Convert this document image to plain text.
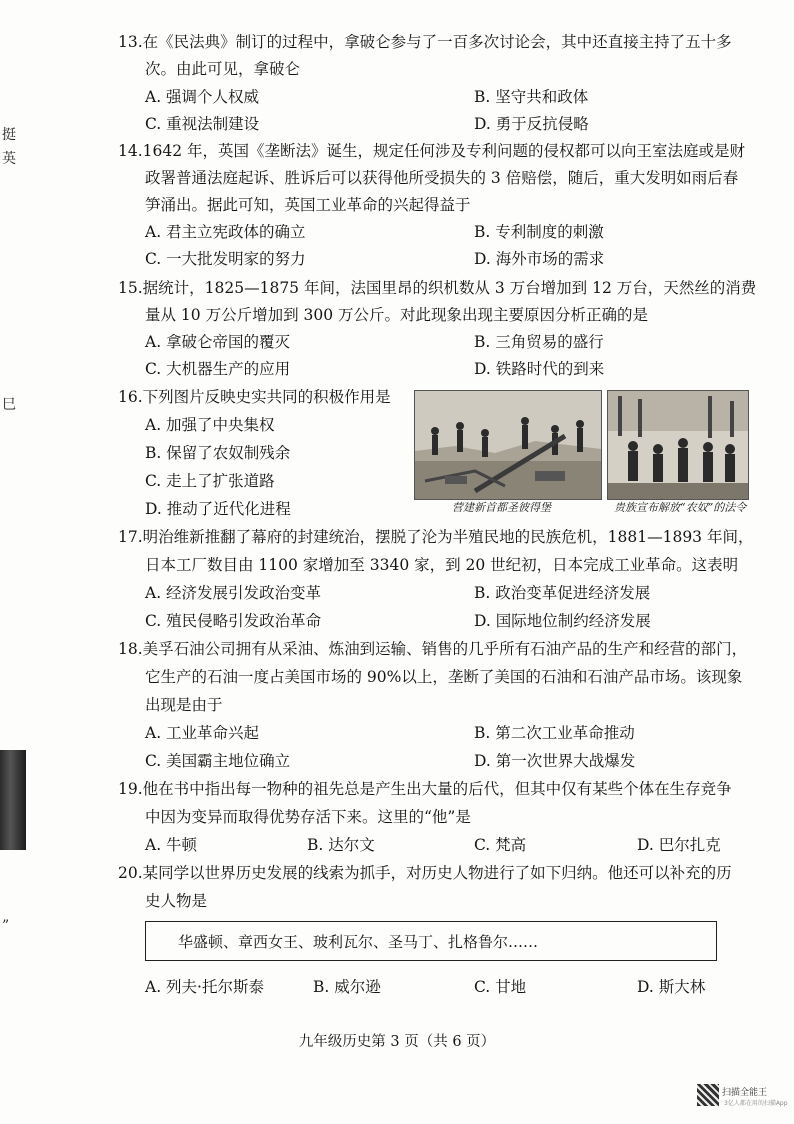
挺
英
巳
”
13.在《民法典》制订的过程中，拿破仑参与了一百多次讨论会，其中还直接主持了五十多
次。由此可见，拿破仑
A. 强调个人权威	B. 坚守共和政体
C. 重视法制建设	D. 勇于反抗侵略
14.1642 年，英国《垄断法》诞生，规定任何涉及专利问题的侵权都可以向王室法庭或是财
政署普通法庭起诉、胜诉后可以获得他所受损失的 3 倍赔偿，随后，重大发明如雨后春
笋涌出。据此可知，英国工业革命的兴起得益于
A. 君主立宪政体的确立	B. 专利制度的刺激
C. 一大批发明家的努力	D. 海外市场的需求
15.据统计，1825—1875 年间，法国里昂的织机数从 3 万台增加到 12 万台，天然丝的消费
量从 10 万公斤增加到 300 万公斤。对此现象出现主要原因分析正确的是
A. 拿破仑帝国的覆灭	B. 三角贸易的盛行
C. 大机器生产的应用	D. 铁路时代的到来
16.下列图片反映史实共同的积极作用是
A. 加强了中央集权
B. 保留了农奴制残余
C. 走上了扩张道路
D. 推动了近代化进程	营建新首都圣彼得堡	贵族宣布解放“农奴”的法令
17.明治维新推翻了幕府的封建统治，摆脱了沦为半殖民地的民族危机，1881—1893 年间，
日本工厂数目由 1100 家增加至 3340 家，到 20 世纪初，日本完成工业革命。这表明
A. 经济发展引发政治变革	B. 政治变革促进经济发展
C. 殖民侵略引发政治革命	D. 国际地位制约经济发展
18.美孚石油公司拥有从采油、炼油到运输、销售的几乎所有石油产品的生产和经营的部门，
它生产的石油一度占美国市场的 90%以上，垄断了美国的石油和石油产品市场。该现象
出现是由于
A. 工业革命兴起	B. 第二次工业革命推动
C. 美国霸主地位确立	D. 第一次世界大战爆发
19.他在书中指出每一物种的祖先总是产生出大量的后代，但其中仅有某些个体在生存竞争
中因为变异而取得优势存活下来。这里的“他”是
A. 牛顿	B. 达尔文	C. 梵高	D. 巴尔扎克
20.某同学以世界历史发展的线索为抓手，对历史人物进行了如下归纳。他还可以补充的历
史人物是
华盛顿、章西女王、玻利瓦尔、圣马丁、扎格鲁尔……
A. 列夫·托尔斯泰	B. 威尔逊	C. 甘地	D. 斯大林
九年级历史第 3 页（共 6 页）
扫描全能王
3亿人都在用的扫描App
